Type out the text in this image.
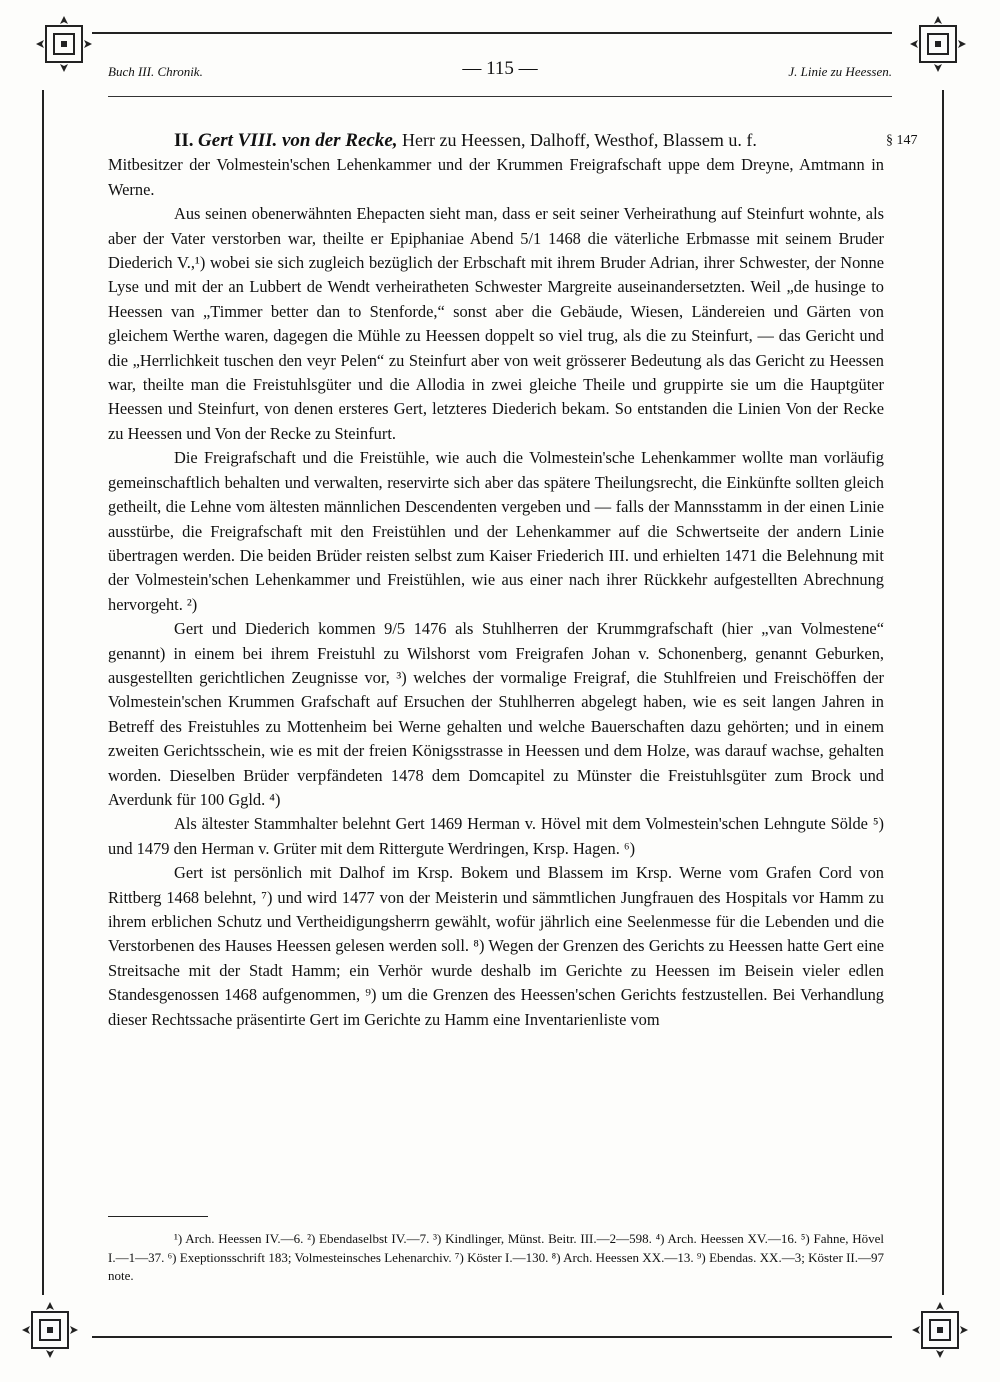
Buch III. Chronik.	— 115 —	J. Linie zu Heessen.
§ 147

II. Gert VIII. von der Recke, Herr zu Heessen, Dalhoff, Westhof, Blassem u. f.

Mitbesitzer der Volmestein'schen Lehenkammer und der Krummen Freigrafschaft uppe dem Dreyne, Amtmann in Werne.

Aus seinen obenerwähnten Ehepacten sieht man, dass er seit seiner Verheirathung auf Steinfurt wohnte, als aber der Vater verstorben war, theilte er Epiphaniae Abend 5/1 1468 die väterliche Erbmasse mit seinem Bruder Diederich V.,¹) wobei sie sich zugleich bezüglich der Erbschaft mit ihrem Bruder Adrian, ihrer Schwester, der Nonne Lyse und mit der an Lubbert de Wendt verheiratheten Schwester Margreite auseinandersetzten. Weil „de husinge to Heessen van „Timmer better dan to Stenforde,“ sonst aber die Gebäude, Wiesen, Ländereien und Gärten von gleichem Werthe waren, dagegen die Mühle zu Heessen doppelt so viel trug, als die zu Steinfurt, — das Gericht und die „Herrlichkeit tuschen den veyr Pelen“ zu Steinfurt aber von weit grösserer Bedeutung als das Gericht zu Heessen war, theilte man die Freistuhlsgüter und die Allodia in zwei gleiche Theile und gruppirte sie um die Hauptgüter Heessen und Steinfurt, von denen ersteres Gert, letzteres Diederich bekam. So entstanden die Linien Von der Recke zu Heessen und Von der Recke zu Steinfurt.

Die Freigrafschaft und die Freistühle, wie auch die Volmestein'sche Lehenkammer wollte man vorläufig gemeinschaftlich behalten und verwalten, reservirte sich aber das spätere Theilungsrecht, die Einkünfte sollten gleich getheilt, die Lehne vom ältesten männlichen Descendenten vergeben und — falls der Mannsstamm in der einen Linie ausstürbe, die Freigrafschaft mit den Freistühlen und der Lehenkammer auf die Schwertseite der andern Linie übertragen werden. Die beiden Brüder reisten selbst zum Kaiser Friederich III. und erhielten 1471 die Belehnung mit der Volmestein'schen Lehenkammer und Freistühlen, wie aus einer nach ihrer Rückkehr aufgestellten Abrechnung hervorgeht. ²)

Gert und Diederich kommen 9/5 1476 als Stuhlherren der Krummgrafschaft (hier „van Volmestene“ genannt) in einem bei ihrem Freistuhl zu Wilshorst vom Freigrafen Johan v. Schonenberg, genannt Geburken, ausgestellten gerichtlichen Zeugnisse vor, ³) welches der vormalige Freigraf, die Stuhlfreien und Freischöffen der Volmestein'schen Krummen Grafschaft auf Ersuchen der Stuhlherren abgelegt haben, wie es seit langen Jahren in Betreff des Freistuhles zu Mottenheim bei Werne gehalten und welche Bauerschaften dazu gehörten; und in einem zweiten Gerichtsschein, wie es mit der freien Königsstrasse in Heessen und dem Holze, was darauf wachse, gehalten worden. Dieselben Brüder verpfändeten 1478 dem Domcapitel zu Münster die Freistuhlsgüter zum Brock und Averdunk für 100 Ggld. ⁴)

Als ältester Stammhalter belehnt Gert 1469 Herman v. Hövel mit dem Volmestein'schen Lehngute Sölde ⁵) und 1479 den Herman v. Grüter mit dem Rittergute Werdringen, Krsp. Hagen. ⁶)

Gert ist persönlich mit Dalhof im Krsp. Bokem und Blassem im Krsp. Werne vom Grafen Cord von Rittberg 1468 belehnt, ⁷) und wird 1477 von der Meisterin und sämmtlichen Jungfrauen des Hospitals vor Hamm zu ihrem erblichen Schutz und Vertheidigungsherrn gewählt, wofür jährlich eine Seelenmesse für die Lebenden und die Verstorbenen des Hauses Heessen gelesen werden soll. ⁸) Wegen der Grenzen des Gerichts zu Heessen hatte Gert eine Streitsache mit der Stadt Hamm; ein Verhör wurde deshalb im Gerichte zu Heessen im Beisein vieler edlen Standesgenossen 1468 aufgenommen, ⁹) um die Grenzen des Heessen'schen Gerichts festzustellen. Bei Verhandlung dieser Rechtssache präsentirte Gert im Gerichte zu Hamm eine Inventarienliste vom

¹) Arch. Heessen IV.—6. ²) Ebendaselbst IV.—7. ³) Kindlinger, Münst. Beitr. III.—2—598. ⁴) Arch. Heessen XV.—16. ⁵) Fahne, Hövel I.—1—37. ⁶) Exeptionsschrift 183; Volmesteinsches Lehenarchiv. ⁷) Köster I.—130. ⁸) Arch. Heessen XX.—13. ⁹) Ebendas. XX.—3; Köster II.—97 note.
